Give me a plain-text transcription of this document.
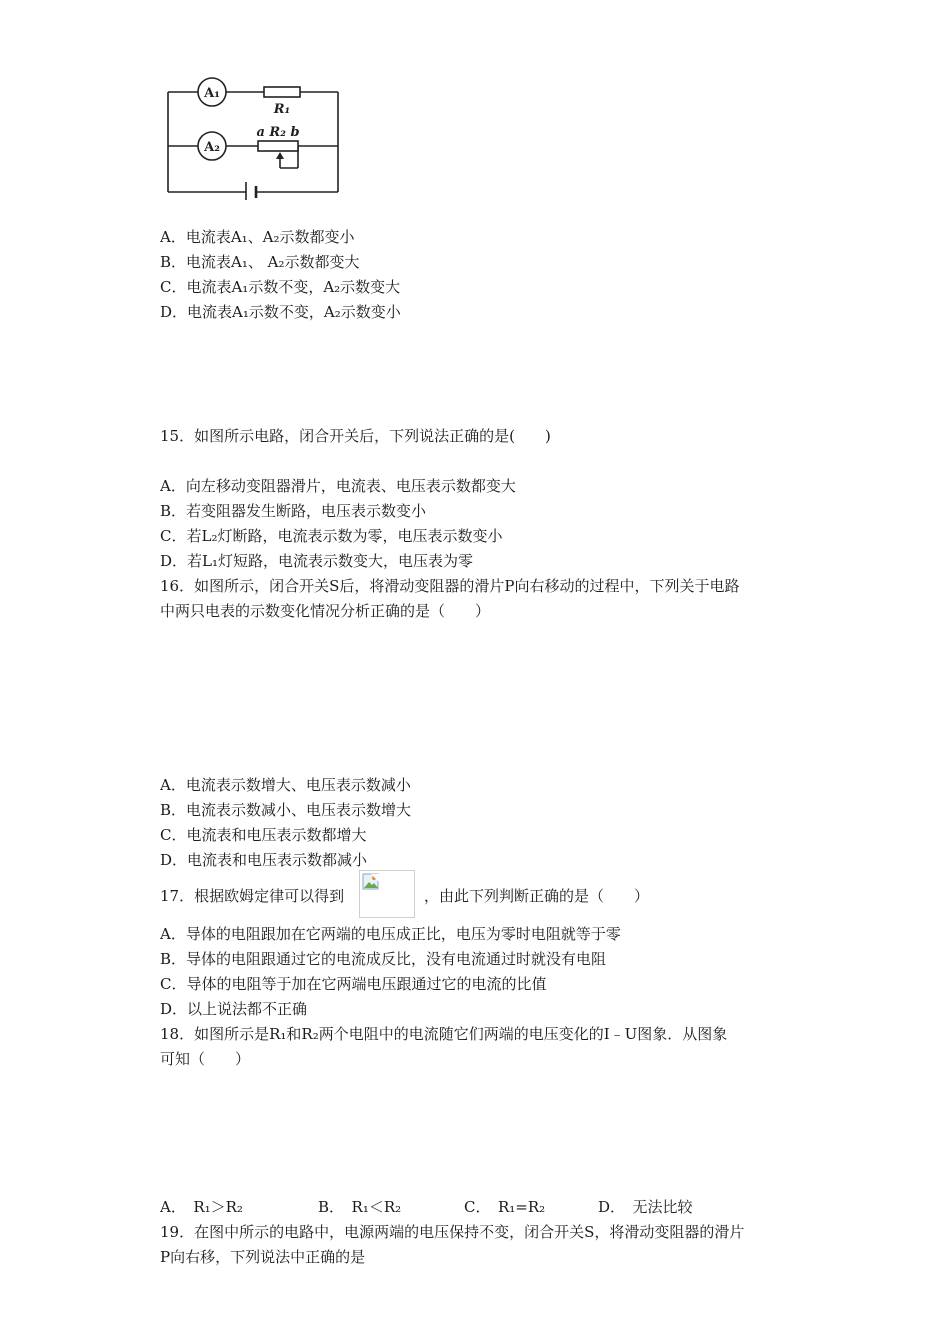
A₁
A₂
R₁
a R₂ b
A．电流表A₁、A₂示数都变小
B．电流表A₁、 A₂示数都变大
C．电流表A₁示数不变，A₂示数变大
D．电流表A₁示数不变，A₂示数变小
15．如图所示电路，闭合开关后，下列说法正确的是(　　)
A．向左移动变阻器滑片，电流表、电压表示数都变大
B．若变阻器发生断路，电压表示数变小
C．若L₂灯断路，电流表示数为零，电压表示数变小
D．若L₁灯短路，电流表示数变大，电压表为零
16．如图所示，闭合开关S后，将滑动变阻器的滑片P向右移动的过程中，下列关于电路
中两只电表的示数变化情况分析正确的是（　　）
A．电流表示数增大、电压表示数减小
B．电流表示数减小、电压表示数增大
C．电流表和电压表示数都增大
D．电流表和电压表示数都减小
17．根据欧姆定律可以得到	，由此下列判断正确的是（　　）
A．导体的电阻跟加在它两端的电压成正比，电压为零时电阻就等于零
B．导体的电阻跟通过它的电流成反比，没有电流通过时就没有电阻
C．导体的电阻等于加在它两端电压跟通过它的电流的比值
D．以上说法都不正确
18．如图所示是R₁和R₂两个电阻中的电流随它们两端的电压变化的I﹣U图象．从图象
可知（　　）
A．　R₁＞R₂	B．　R₁＜R₂	C．　R₁=R₂	D．　无法比较
19．在图中所示的电路中，电源两端的电压保持不变，闭合开关S，将滑动变阻器的滑片
P向右移，下列说法中正确的是
